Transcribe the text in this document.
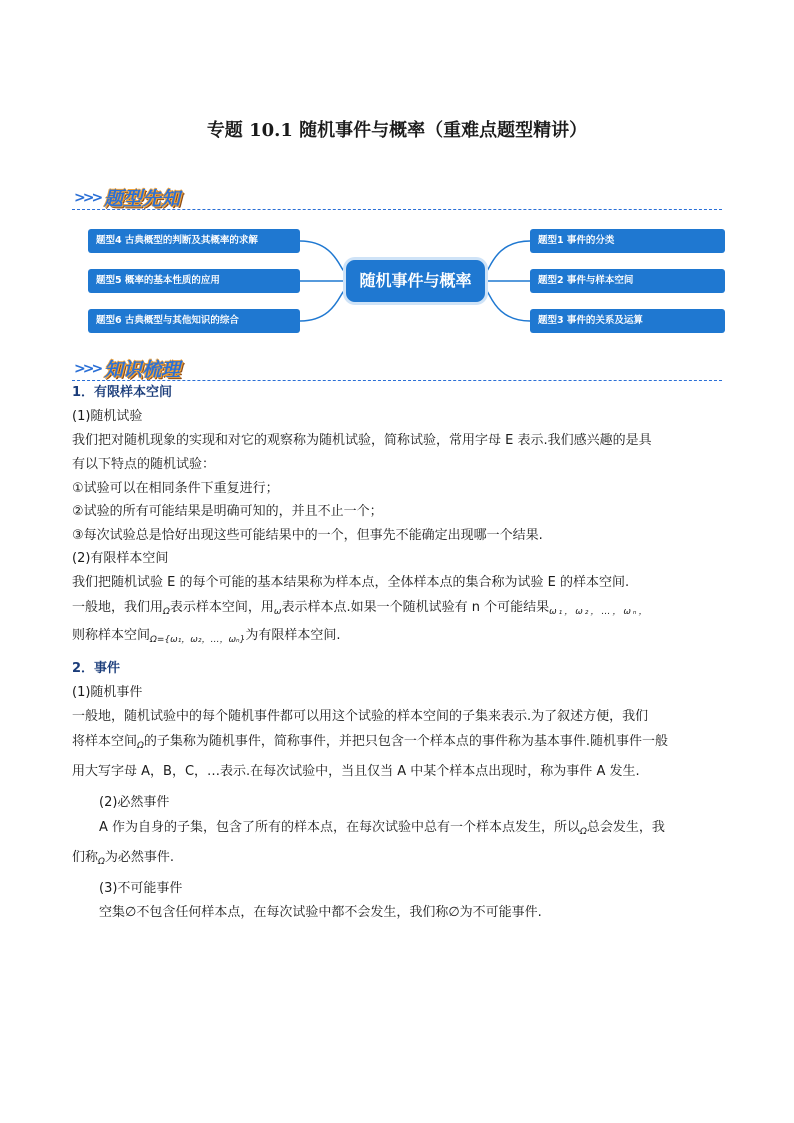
专题 10.1 随机事件与概率（重难点题型精讲）
>>> 题型先知
题型4 古典概型的判断及其概率的求解
题型5 概率的基本性质的应用
题型6 古典概型与其他知识的综合
随机事件与概率
题型1 事件的分类
题型2 事件与样本空间
题型3 事件的关系及运算
>>> 知识梳理
1．有限样本空间
(1)随机试验
我们把对随机现象的实现和对它的观察称为随机试验，简称试验，常用字母 E 表示.我们感兴趣的是具
有以下特点的随机试验：
①试验可以在相同条件下重复进行；
②试验的所有可能结果是明确可知的，并且不止一个；
③每次试验总是恰好出现这些可能结果中的一个，但事先不能确定出现哪一个结果.
(2)有限样本空间
我们把随机试验 E 的每个可能的基本结果称为样本点，全体样本点的集合称为试验 E 的样本空间.
一般地，我们用$_\Omega$表示样本空间，用$_\omega$表示样本点.如果一个随机试验有 n 个可能结果$_{\omega_1,\omega_2,\dots,\omega_n,}$
则称样本空间$_{\Omega=\{\omega_1,\omega_2,\dots,\omega_n\}}$为有限样本空间.
2．事件
(1)随机事件
一般地，随机试验中的每个随机事件都可以用这个试验的样本空间的子集来表示.为了叙述方便，我们
将样本空间$_\Omega$的子集称为随机事件，简称事件，并把只包含一个样本点的事件称为基本事件.随机事件一般
用大写字母 A，B，C，…表示.在每次试验中，当且仅当 A 中某个样本点出现时，称为事件 A 发生.
(2)必然事件
A 作为自身的子集，包含了所有的样本点，在每次试验中总有一个样本点发生，所以$_\Omega$总会发生，我
们称$_\Omega$为必然事件.
(3)不可能事件
空集∅不包含任何样本点，在每次试验中都不会发生，我们称∅为不可能事件.
